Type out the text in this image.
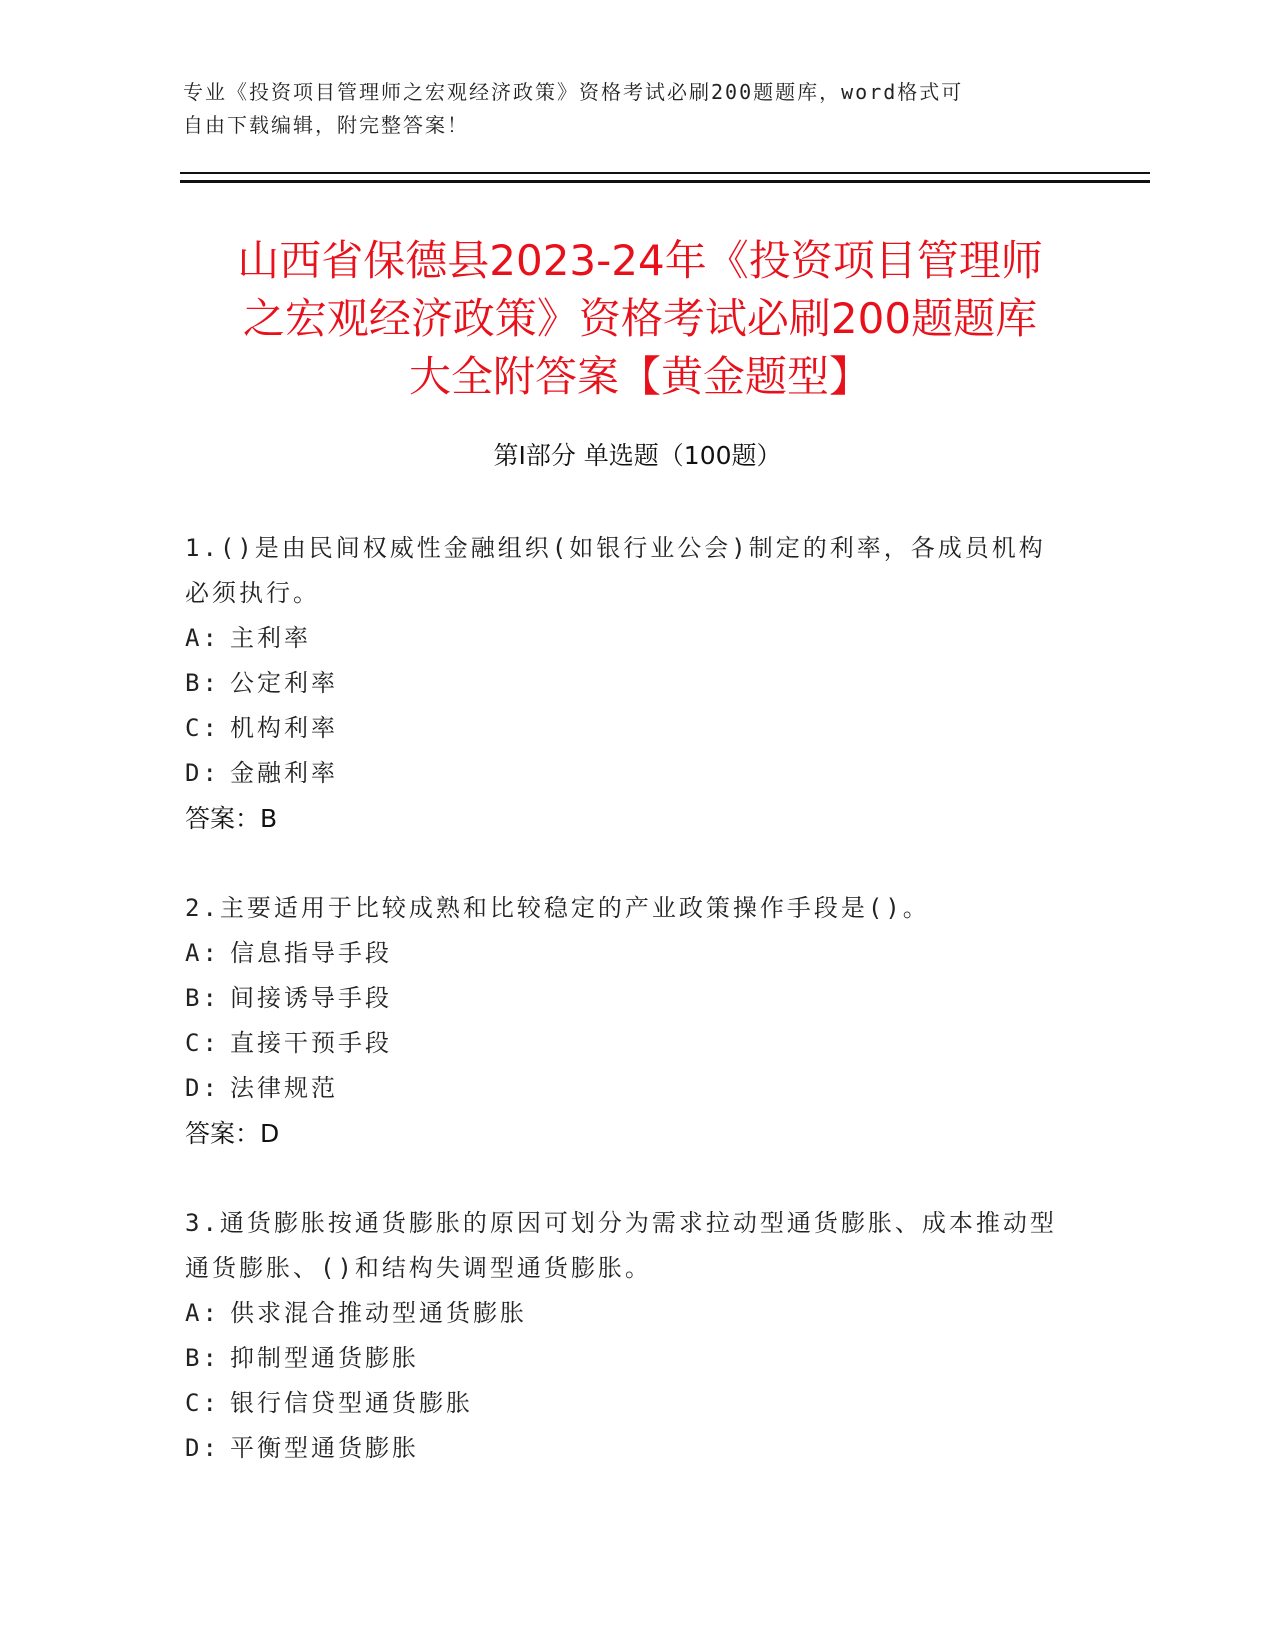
专业《投资项目管理师之宏观经济政策》资格考试必刷200题题库，word格式可
自由下载编辑，附完整答案！
山西省保德县2023-24年《投资项目管理师
之宏观经济政策》资格考试必刷200题题库
大全附答案【黄金题型】
第Ⅰ部分 单选题（100题）
1.()是由民间权威性金融组织(如银行业公会)制定的利率，各成员机构必须执行。
A: 主利率
B: 公定利率
C: 机构利率
D: 金融利率
答案：B
2.主要适用于比较成熟和比较稳定的产业政策操作手段是()。
A: 信息指导手段
B: 间接诱导手段
C: 直接干预手段
D: 法律规范
答案：D
3.通货膨胀按通货膨胀的原因可划分为需求拉动型通货膨胀、成本推动型通货膨胀、()和结构失调型通货膨胀。
A: 供求混合推动型通货膨胀
B: 抑制型通货膨胀
C: 银行信贷型通货膨胀
D: 平衡型通货膨胀
